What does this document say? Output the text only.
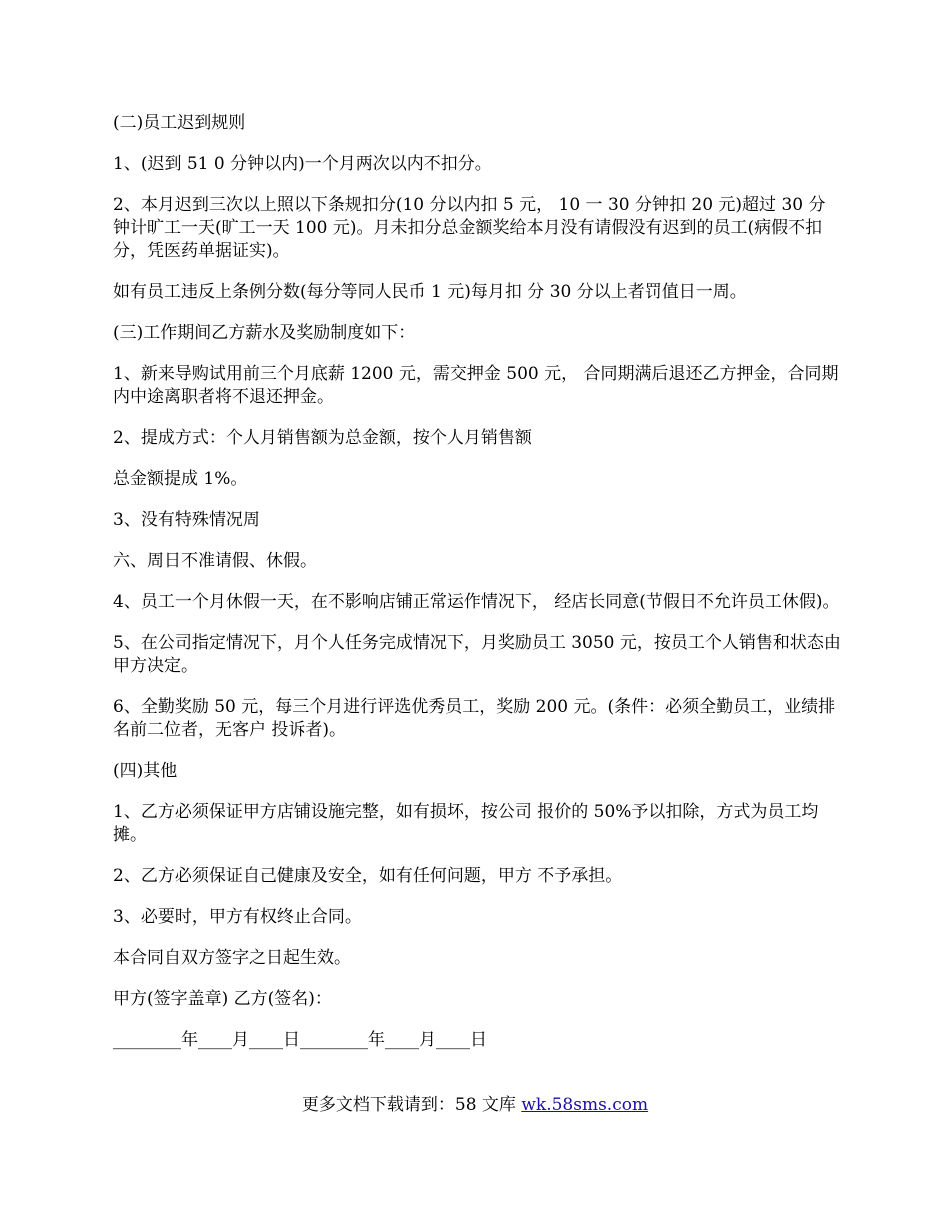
(二)员工迟到规则

1、(迟到 51 0 分钟以内)一个月两次以内不扣分。

2、本月迟到三次以上照以下条规扣分(10 分以内扣 5 元， 10 一 30 分钟扣 20 元)超过 30 分钟计旷工一天(旷工一天 100 元)。月未扣分总金额奖给本月没有请假没有迟到的员工(病假不扣分，凭医药单据证实)。

如有员工违反上条例分数(每分等同人民币 1 元)每月扣 分 30 分以上者罚值日一周。

(三)工作期间乙方薪水及奖励制度如下：

1、新来导购试用前三个月底薪 1200 元，需交押金 500 元， 合同期满后退还乙方押金，合同期内中途离职者将不退还押金。

2、提成方式：个人月销售额为总金额，按个人月销售额

总金额提成 1%。

3、没有特殊情况周

六、周日不准请假、休假。

4、员工一个月休假一天，在不影响店铺正常运作情况下， 经店长同意(节假日不允许员工休假)。

5、在公司指定情况下，月个人任务完成情况下，月奖励员工 3050 元，按员工个人销售和状态由甲方决定。

6、全勤奖励 50 元，每三个月进行评选优秀员工，奖励 200 元。(条件：必须全勤员工，业绩排名前二位者，无客户 投诉者)。

(四)其他

1、乙方必须保证甲方店铺设施完整，如有损坏，按公司 报价的 50%予以扣除，方式为员工均摊。

2、乙方必须保证自己健康及安全，如有任何问题，甲方 不予承担。

3、必要时，甲方有权终止合同。

本合同自双方签字之日起生效。

甲方(签字盖章) 乙方(签名)：

________年____月____日________年____月____日

更多文档下载请到：58 文库 wk.58sms.com
